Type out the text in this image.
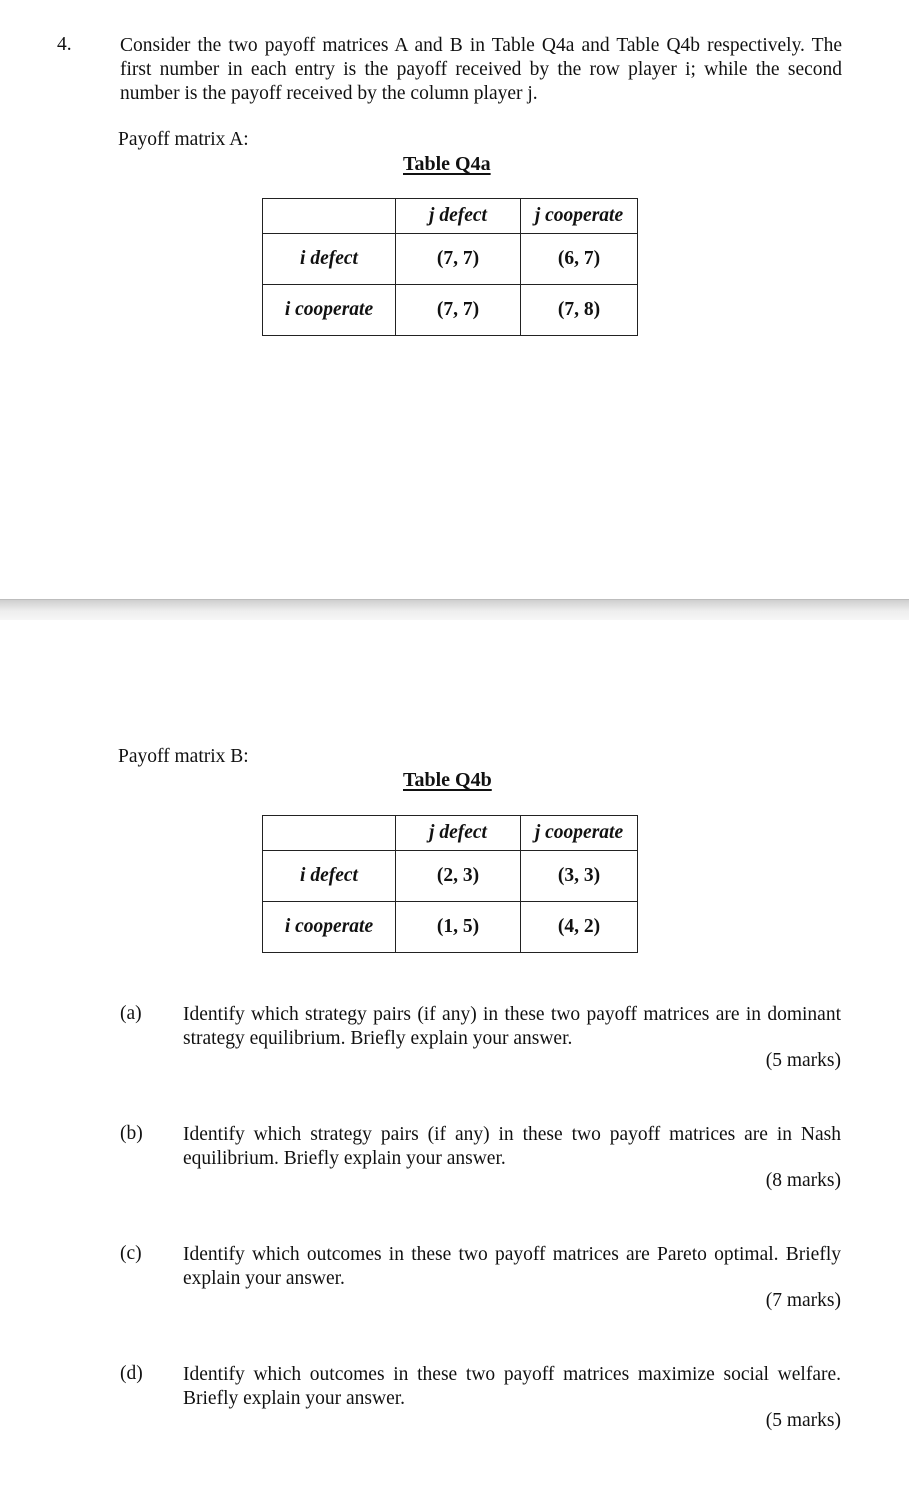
4. Consider the two payoff matrices A and B in Table Q4a and Table Q4b respectively. The first number in each entry is the payoff received by the row player i; while the second number is the payoff received by the column player j.
Payoff matrix A:
Table Q4a
	j defect	j cooperate
i defect	(7, 7)	(6, 7)
i cooperate	(7, 7)	(7, 8)
Payoff matrix B:
Table Q4b
	j defect	j cooperate
i defect	(2, 3)	(3, 3)
i cooperate	(1, 5)	(4, 2)
(a) Identify which strategy pairs (if any) in these two payoff matrices are in dominant strategy equilibrium. Briefly explain your answer.
(5 marks)
(b) Identify which strategy pairs (if any) in these two payoff matrices are in Nash equilibrium. Briefly explain your answer.
(8 marks)
(c) Identify which outcomes in these two payoff matrices are Pareto optimal. Briefly explain your answer.
(7 marks)
(d) Identify which outcomes in these two payoff matrices maximize social welfare. Briefly explain your answer.
(5 marks)
